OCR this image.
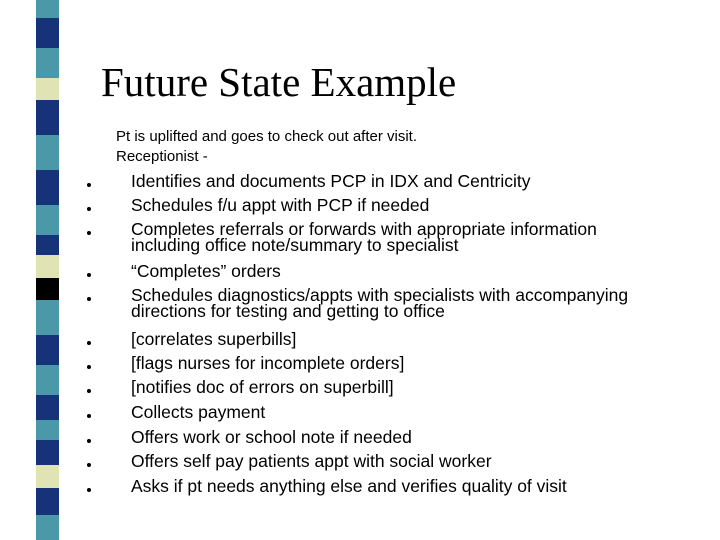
Future State Example
Pt is uplifted and goes to check out after visit.
Receptionist -
Identifies and documents PCP in IDX and Centricity
Schedules f/u appt with PCP if needed
Completes referrals or forwards with appropriate information
including office note/summary to specialist
“Completes” orders
Schedules diagnostics/appts with specialists with accompanying
directions for testing and getting to office
[correlates superbills]
[flags nurses for incomplete orders]
[notifies doc of errors on superbill]
Collects payment
Offers work or school note if needed
Offers self pay patients appt with social worker
Asks if pt needs anything else and verifies quality of visit
